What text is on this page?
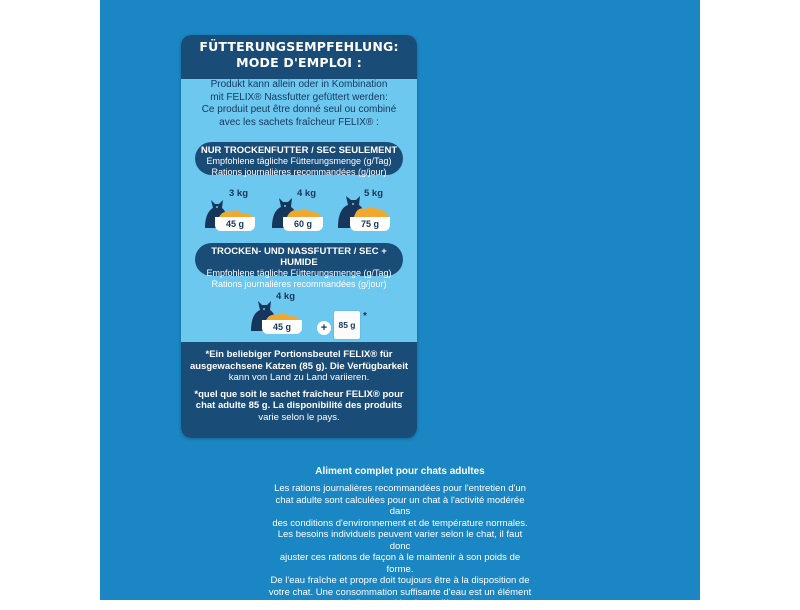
FÜTTERUNGSEMPFEHLUNG:
MODE D'EMPLOI :
Produkt kann allein oder in Kombination
mit FELIX® Nassfutter gefüttert werden:
Ce produit peut être donné seul ou combiné
avec les sachets fraîcheur FELIX® :
NUR TROCKENFUTTER / SEC SEULEMENT
Empfohlene tägliche Fütterungsmenge (g/Tag)
Rations journalières recommandées (g/jour)
3 kg
45 g
4 kg
60 g
5 kg
75 g
TROCKEN- UND NASSFUTTER / SEC + HUMIDE
Empfohlene tägliche Fütterungsmenge (g/Tag)
Rations journalières recommandées (g/jour)
4 kg
45 g	+	85 g
*

*Ein beliebiger Portionsbeutel FELIX® für

ausgewachsene Katzen (85 g). Die Verfügbarkeit

kann von Land zu Land variieren.

*quel que soit le sachet fraîcheur FELIX® pour

chat adulte 85 g. La disponibilité des produits

varie selon le pays.

Aliment complet pour chats adultes
Les rations journalières recommandées pour l'entretien d'un
chat adulte sont calculées pour un chat à l'activité modérée dans
des conditions d'environnement et de température normales.
Les besoins individuels peuvent varier selon le chat, il faut donc
ajuster ces rations de façon à le maintenir à son poids de forme.
De l'eau fraîche et propre doit toujours être à la disposition de
votre chat. Une consommation suffisante d'eau est un élément
essentiel d'une nutrition journalière saine.
